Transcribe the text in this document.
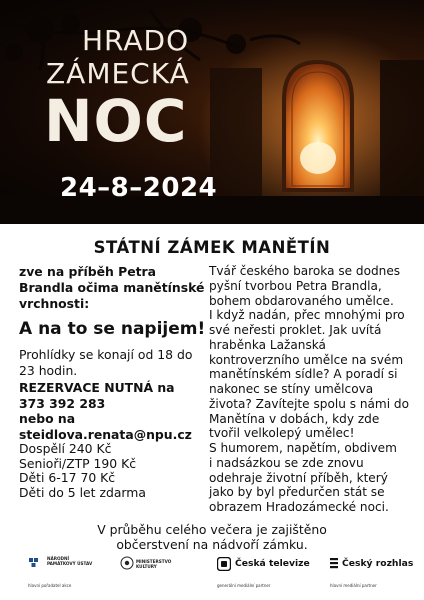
HRADO
ZÁMECKÁ
NOC
24–8–2024
STÁTNÍ ZÁMEK MANĚTÍN

zve na příběh Petra Brandla očima manětínské vrchnosti:

A na to se napijem!

Prohlídky se konají od 18 do 23 hodin.

REZERVACE NUTNÁ na

373 392 283

nebo na

steidlova.renata@npu.cz

Dospělí 240 Kč

Senioři/ZTP 190 Kč

Děti 6-17 70 Kč

Děti do 5 let zdarma

Tvář českého baroka se dodnes

pyšní tvorbou Petra Brandla,

bohem obdarovaného umělce.

I když nadán, přec mnohými pro

své neřesti proklet. Jak uvítá

hraběnka Lažanská

kontroverzního umělce na svém

manětínském sídle? A poradí si

nakonec se stíny umělcova

života? Zavítejte spolu s námi do

Manětína v dobách, kdy zde

tvořil velkolepý umělec!

S humorem, napětím, obdivem

i nadsázkou se zde znovu

odehraje životní příběh, který

jako by byl předurčen stát se

obrazem Hradozámecké noci.

V průběhu celého večera je zajištěno
občerstvení na nádvoří zámku.
NÁRODNÍ PAMÁTKOVÝ ÚSTAV
hlavní pořadatel akce
MINISTERSTVO KULTURY	Česká televize
generální mediální partner
Český rozhlas
hlavní mediální partner
